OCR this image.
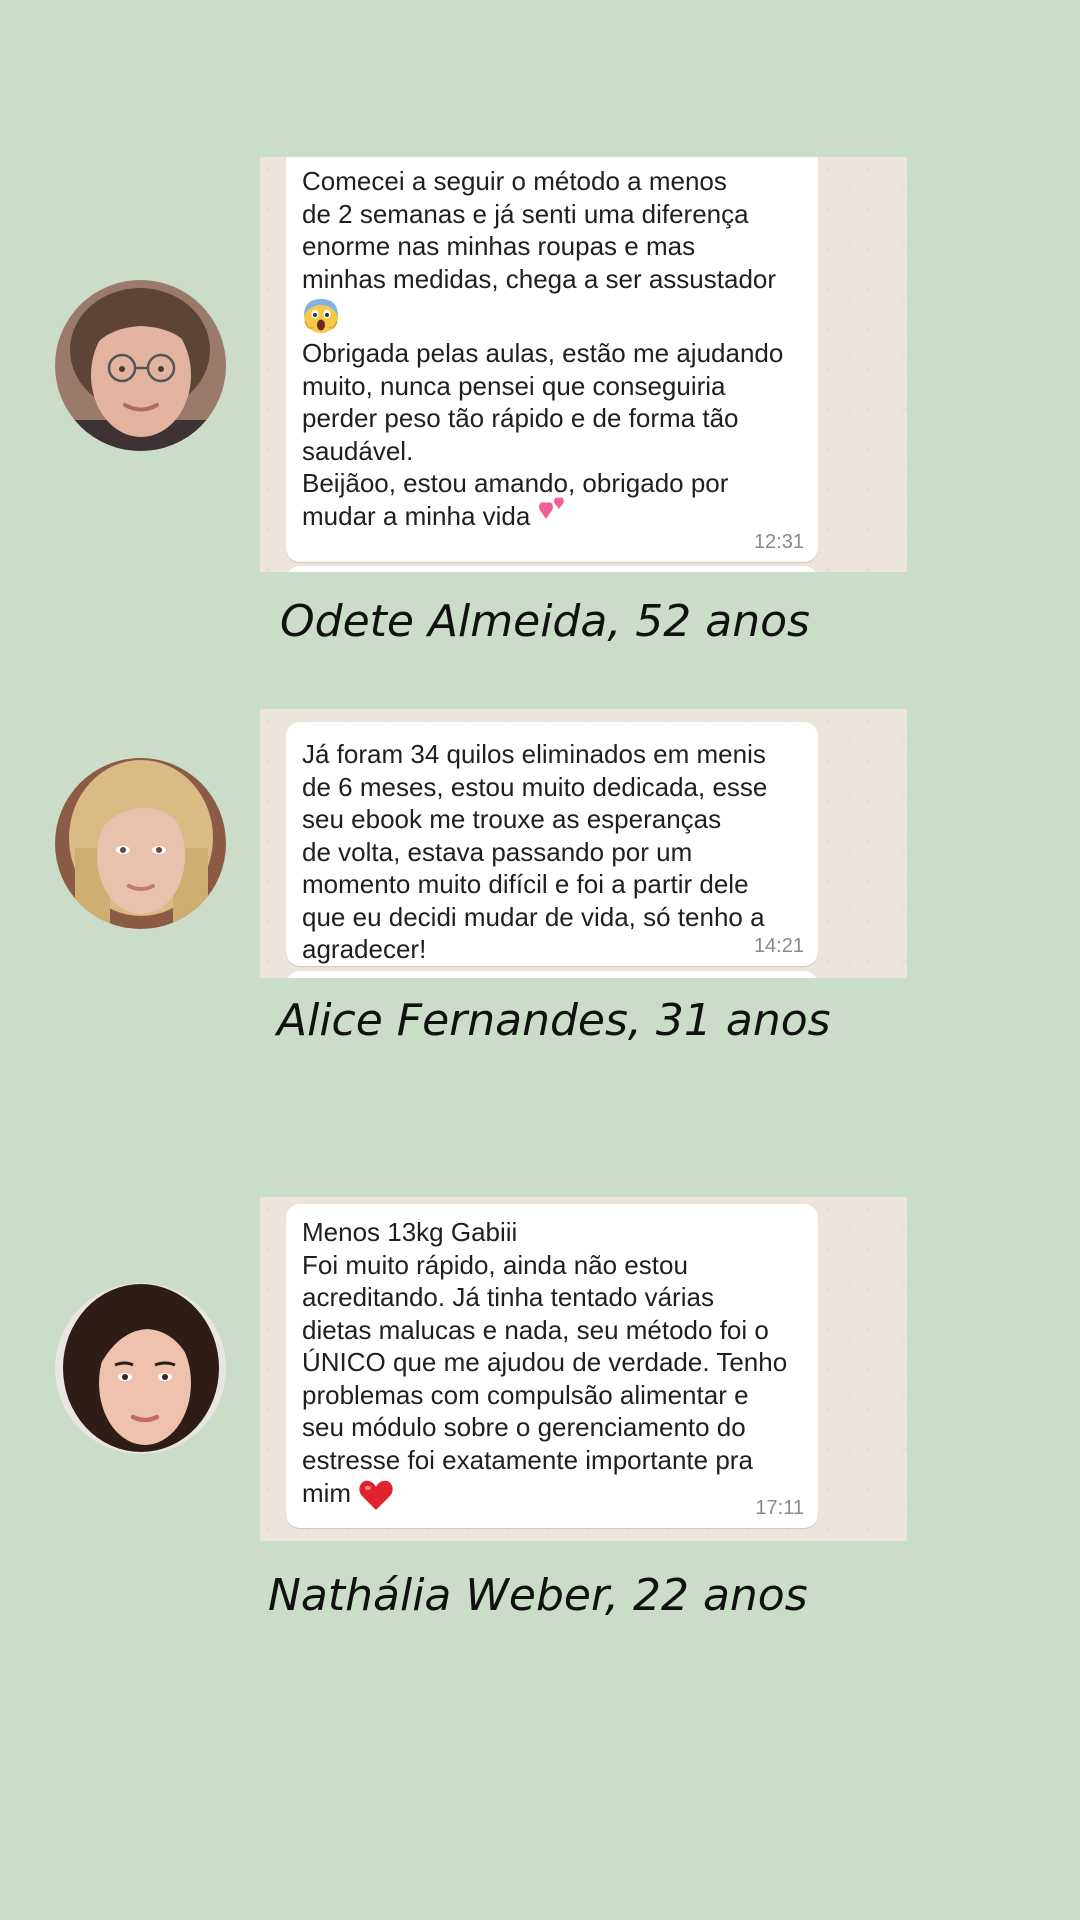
Comecei a seguir o método a menos
de 2 semanas e já senti uma diferença
enorme nas minhas roupas e mas
minhas medidas, chega a ser assustador

Obrigada pelas aulas, estão me ajudando
muito, nunca pensei que conseguiria
perder peso tão rápido e de forma tão
saudável.
Beijãoo, estou amando, obrigado por
mudar a minha vida

12:31
Odete Almeida, 52 anos

Já foram 34 quilos eliminados em menis
de 6 meses, estou muito dedicada, esse
seu ebook me trouxe as esperanças
de volta, estava passando por um
momento muito difícil e foi a partir dele
que eu decidi mudar de vida, só tenho a
agradecer!	14:21
Alice Fernandes, 31 anos

Menos 13kg Gabiii
Foi muito rápido, ainda não estou
acreditando. Já tinha tentado várias
dietas malucas e nada, seu método foi o
ÚNICO que me ajudou de verdade. Tenho
problemas com compulsão alimentar e
seu módulo sobre o gerenciamento do
estresse foi exatamente importante pra
mim

17:11
Nathália Weber, 22 anos
